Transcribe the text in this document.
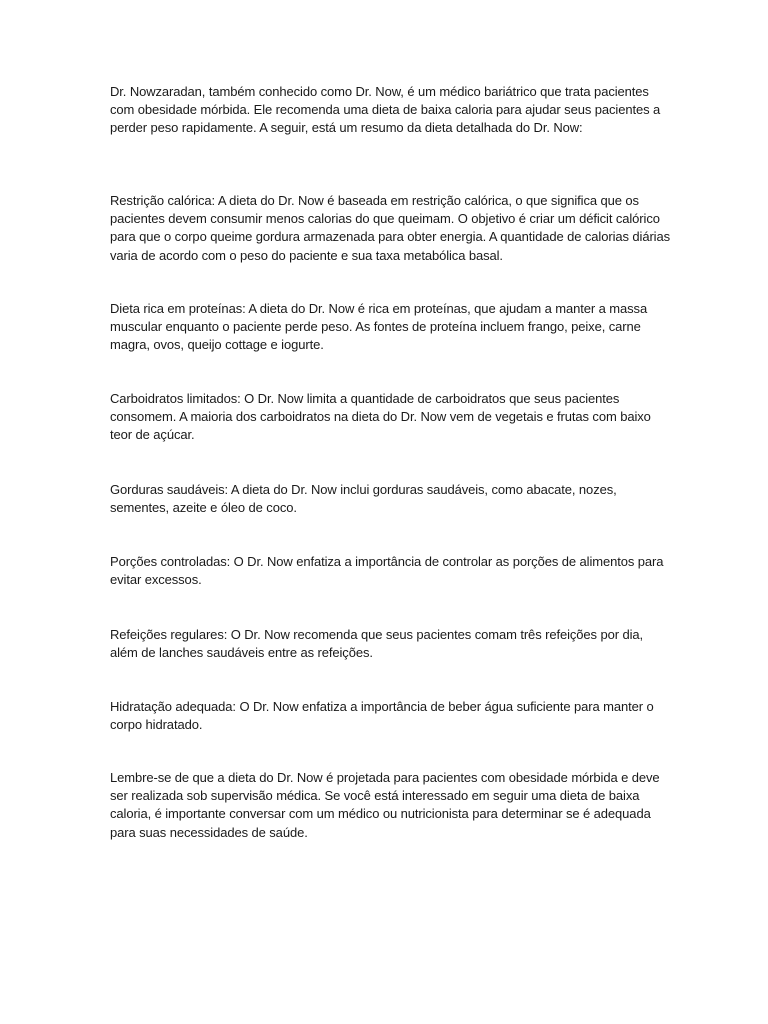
Dr. Nowzaradan, também conhecido como Dr. Now, é um médico bariátrico que trata pacientes com obesidade mórbida. Ele recomenda uma dieta de baixa caloria para ajudar seus pacientes a perder peso rapidamente. A seguir, está um resumo da dieta detalhada do Dr. Now:

Restrição calórica: A dieta do Dr. Now é baseada em restrição calórica, o que significa que os pacientes devem consumir menos calorias do que queimam. O objetivo é criar um déficit calórico para que o corpo queime gordura armazenada para obter energia. A quantidade de calorias diárias varia de acordo com o peso do paciente e sua taxa metabólica basal.

Dieta rica em proteínas: A dieta do Dr. Now é rica em proteínas, que ajudam a manter a massa muscular enquanto o paciente perde peso. As fontes de proteína incluem frango, peixe, carne magra, ovos, queijo cottage e iogurte.

Carboidratos limitados: O Dr. Now limita a quantidade de carboidratos que seus pacientes consomem. A maioria dos carboidratos na dieta do Dr. Now vem de vegetais e frutas com baixo teor de açúcar.

Gorduras saudáveis: A dieta do Dr. Now inclui gorduras saudáveis, como abacate, nozes, sementes, azeite e óleo de coco.

Porções controladas: O Dr. Now enfatiza a importância de controlar as porções de alimentos para evitar excessos.

Refeições regulares: O Dr. Now recomenda que seus pacientes comam três refeições por dia, além de lanches saudáveis entre as refeições.

Hidratação adequada: O Dr. Now enfatiza a importância de beber água suficiente para manter o corpo hidratado.

Lembre-se de que a dieta do Dr. Now é projetada para pacientes com obesidade mórbida e deve ser realizada sob supervisão médica. Se você está interessado em seguir uma dieta de baixa caloria, é importante conversar com um médico ou nutricionista para determinar se é adequada para suas necessidades de saúde.
